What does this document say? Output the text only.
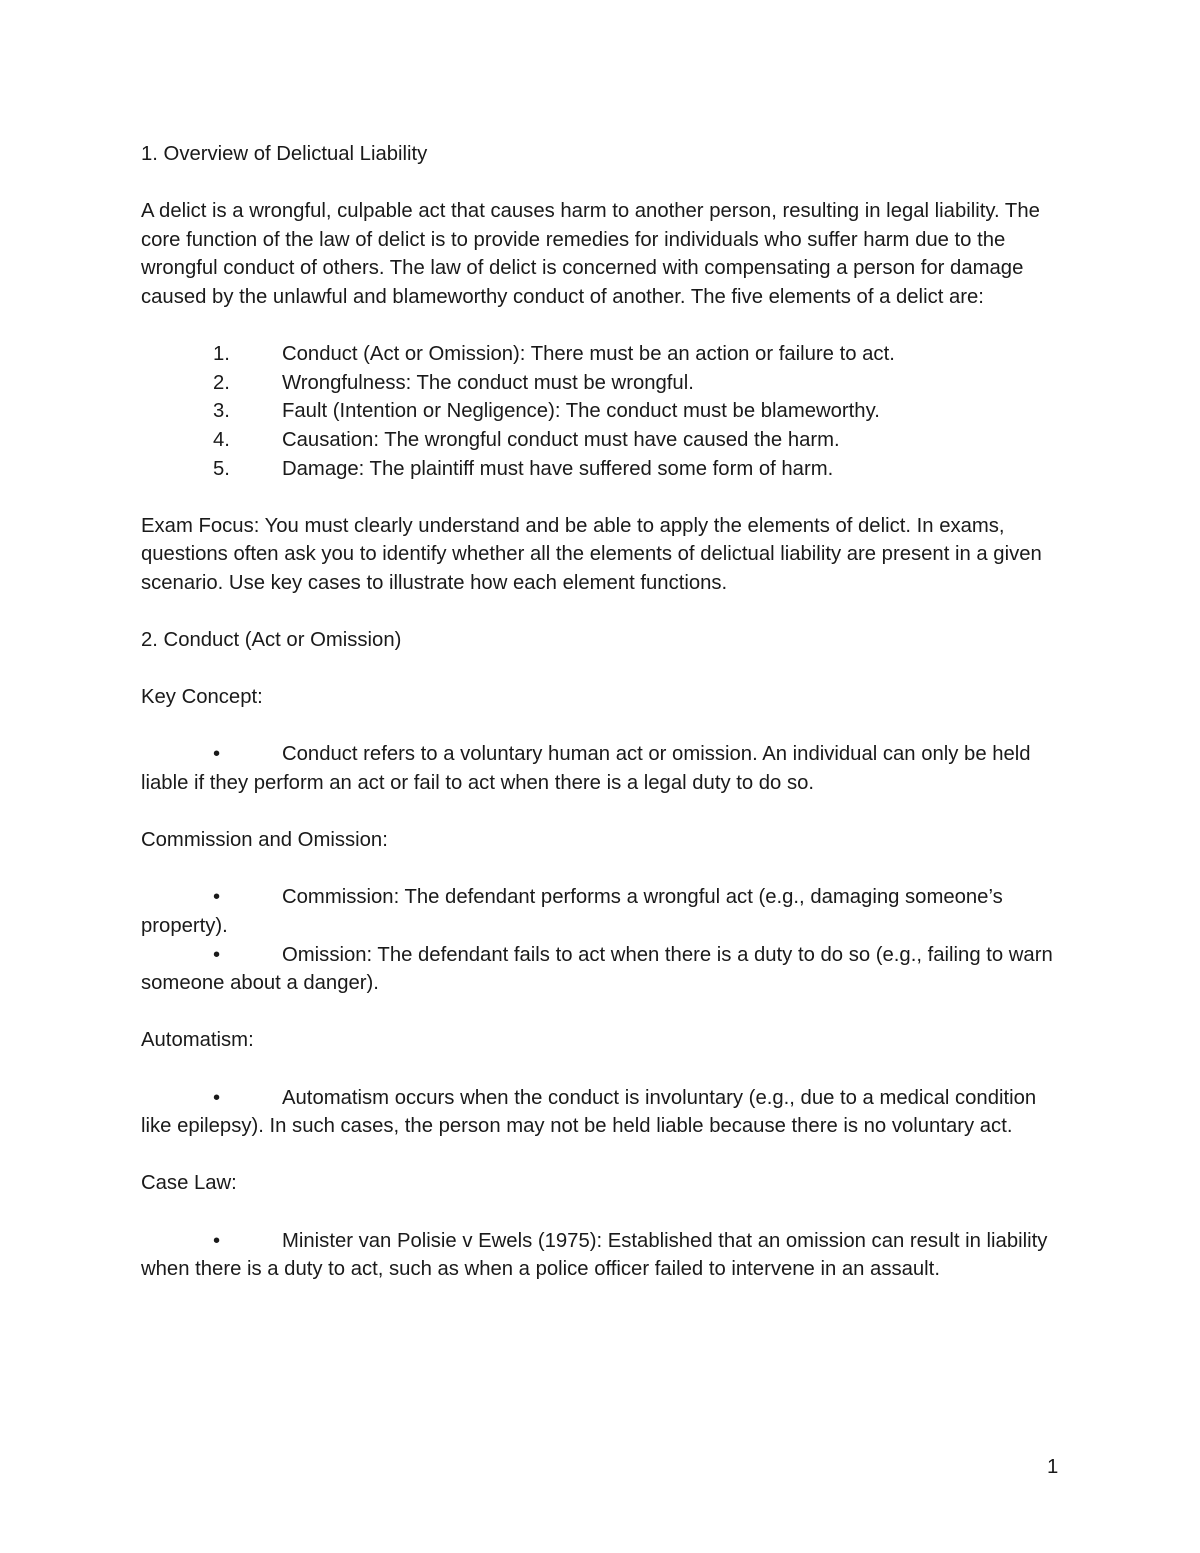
1. Overview of Delictual Liability

A delict is a wrongful, culpable act that causes harm to another person, resulting in legal liability. The core function of the law of delict is to provide remedies for individuals who suffer harm due to the wrongful conduct of others. The law of delict is concerned with compensating a person for damage caused by the unlawful and blameworthy conduct of another. The five elements of a delict are:

1.	Conduct (Act or Omission): There must be an action or failure to act.
2.	Wrongfulness: The conduct must be wrongful.
3.	Fault (Intention or Negligence): The conduct must be blameworthy.
4.	Causation: The wrongful conduct must have caused the harm.
5.	Damage: The plaintiff must have suffered some form of harm.

Exam Focus: You must clearly understand and be able to apply the elements of delict. In exams, questions often ask you to identify whether all the elements of delictual liability are present in a given scenario. Use key cases to illustrate how each element functions.

2. Conduct (Act or Omission)

Key Concept:

•	Conduct refers to a voluntary human act or omission. An individual can only be held liable if they perform an act or fail to act when there is a legal duty to do so.

Commission and Omission:

•	Commission: The defendant performs a wrongful act (e.g., damaging someone’s property).

•	Omission: The defendant fails to act when there is a duty to do so (e.g., failing to warn someone about a danger).

Automatism:

•	Automatism occurs when the conduct is involuntary (e.g., due to a medical condition like epilepsy). In such cases, the person may not be held liable because there is no voluntary act.

Case Law:

•	Minister van Polisie v Ewels (1975): Established that an omission can result in liability when there is a duty to act, such as when a police officer failed to intervene in an assault.

1
